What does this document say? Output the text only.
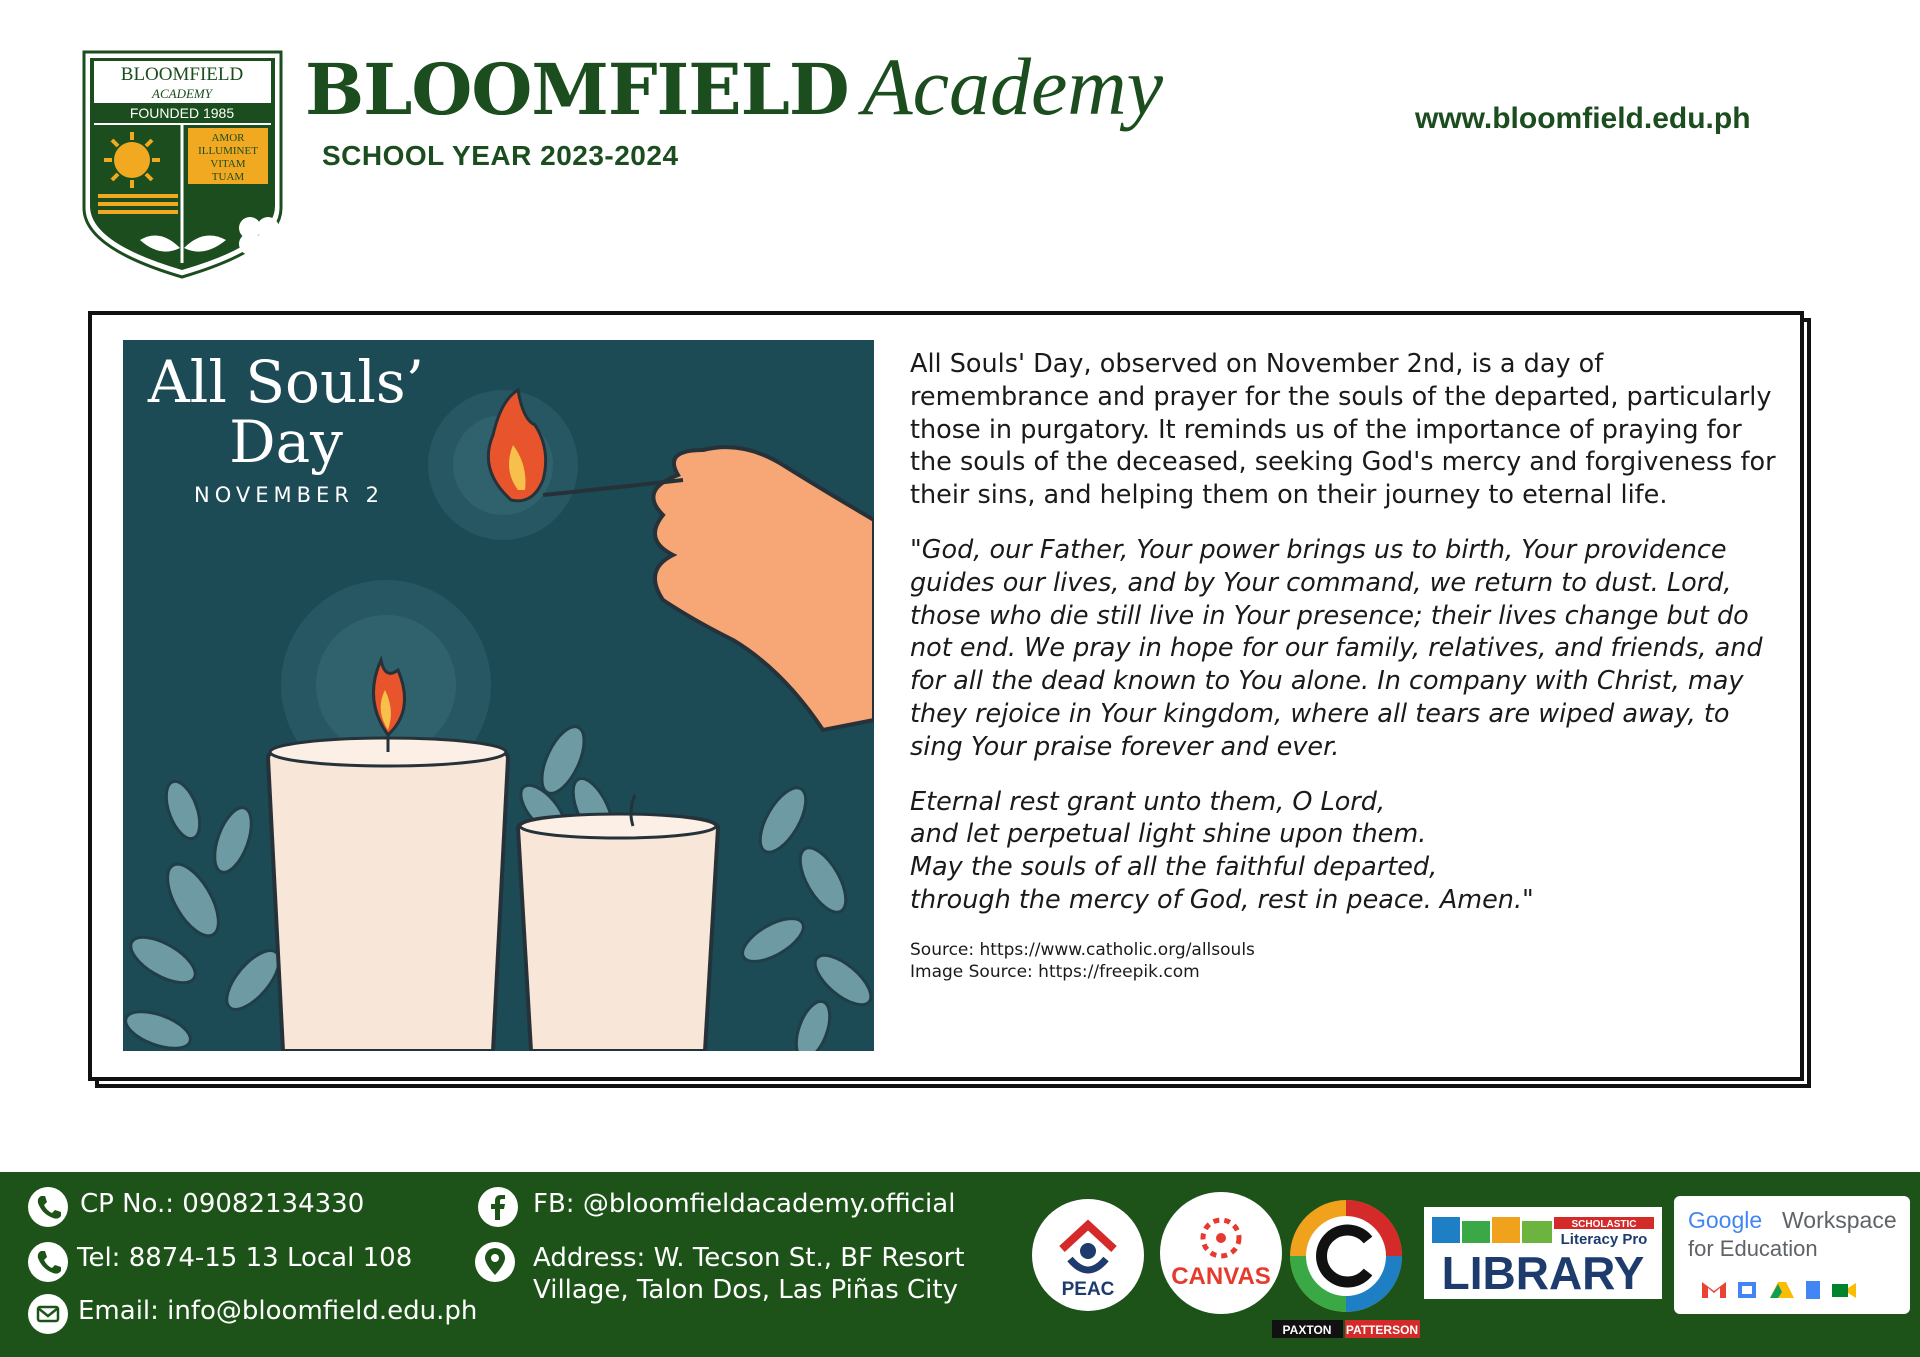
BLOOMFIELD
ACADEMY
FOUNDED 1985
AMOR
ILLUMINET
VITAM
TUAM
BLOOMFIELD Academy
SCHOOL YEAR 2023-2024
www.bloomfield.edu.ph
All Souls’
Day
NOVEMBER 2

All Souls' Day, observed on November 2nd, is a day of remembrance and prayer for the souls of the departed, particularly those in purgatory. It reminds us of the importance of praying for the souls of the deceased, seeking God's mercy and forgiveness for their sins, and helping them on their journey to eternal life.

"God, our Father, Your power brings us to birth, Your providence guides our lives, and by Your command, we return to dust. Lord, those who die still live in Your presence; their lives change but do not end. We pray in hope for our family, relatives, and friends, and for all the dead known to You alone. In company with Christ, may they rejoice in Your kingdom, where all tears are wiped away, to sing Your praise forever and ever.

Eternal rest grant unto them, O Lord,
and let perpetual light shine upon them.
May the souls of all the faithful departed,
through the mercy of God, rest in peace. Amen."

Source: https://www.catholic.org/allsouls
Image Source: https://freepik.com
CP No.: 09082134330
Tel: 8874-15 13 Local 108
Email: info@bloomfield.edu.ph
FB: @bloomfieldacademy.official
Address: W. Tecson St., BF Resort
Village, Talon Dos, Las Piñas City	PEAC CANVAS
PAXTON PATTERSON
SCHOLASTIC
Literacy Pro
LIBRARY
Google Workspace
for Education
